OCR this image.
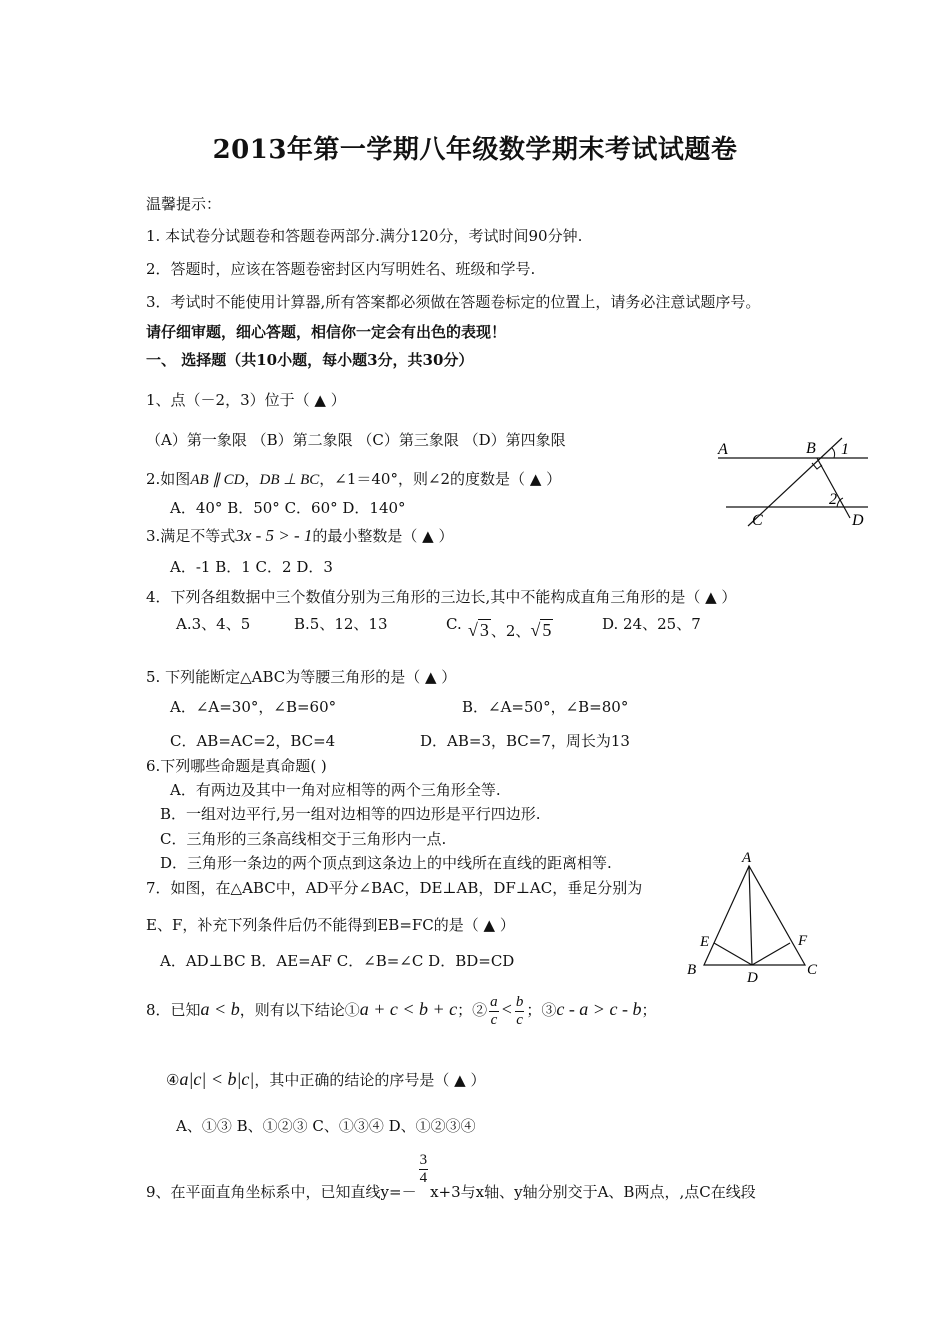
2013年第一学期八年级数学期末考试试题卷
温馨提示：
1. 本试卷分试题卷和答题卷两部分.满分120分，考试时间90分钟.
2．答题时，应该在答题卷密封区内写明姓名、班级和学号.
3．考试时不能使用计算器,所有答案都必须做在答题卷标定的位置上，请务必注意试题序号。
请仔细审题，细心答题，相信你一定会有出色的表现！
一、 选择题（共10小题，每小题3分，共30分）
1、点（－2，3）位于（ ▲ ）
（A）第一象限 （B）第二象限 （C）第三象限 （D）第四象限
A	B 1
2
C	D
2.如图AB ∥ CD，DB ⊥ BC，∠1＝40°，则∠2的度数是（ ▲ ）
A．40° B．50° C．60° D．140°
3.满足不等式3x - 5 > - 1的最小整数是（ ▲ ）
A．-1 B．1 C．2 D．3
4．下列各组数据中三个数值分别为三角形的三边长,其中不能构成直角三角形的是（ ▲ ）
A.3、4、5	B.5、12、13	C. √ 3 、2、√ 5	D. 24、25、7
5. 下列能断定△ABC为等腰三角形的是（ ▲ ）
A．∠A=30°，∠B=60°	B．∠A=50°，∠B=80°
C．AB=AC=2，BC=4	D．AB=3，BC=7，周长为13
6.下列哪些命题是真命题( )
A．有两边及其中一角对应相等的两个三角形全等.
B．一组对边平行,另一组对边相等的四边形是平行四边形.
C．三角形的三条高线相交于三角形内一点.
D．三角形一条边的两个顶点到这条边上的中线所在直线的距离相等.	A
E	F
B	D	C
7．如图，在△ABC中，AD平分∠BAC，DE⊥AB，DF⊥AC，垂足分别为
E、F，补充下列条件后仍不能得到EB=FC的是（ ▲ ）
A．AD⊥BC B．AE=AF C．∠B=∠C D．BD=CD
8．已知a < b，则有以下结论①a + c < b + c；② $\frac{a}{c} < \frac{b}{c}$ ；③c - a > c - b；
④a|c| < b|c|，其中正确的结论的序号是（ ▲ ）
A、①③ B、①②③ C、①③④ D、①②③④
9、在平面直角坐标系中，已知直线y=－
$\frac{3}{4}$
x+3与x轴、y轴分别交于A、B两点，,点C在线段
